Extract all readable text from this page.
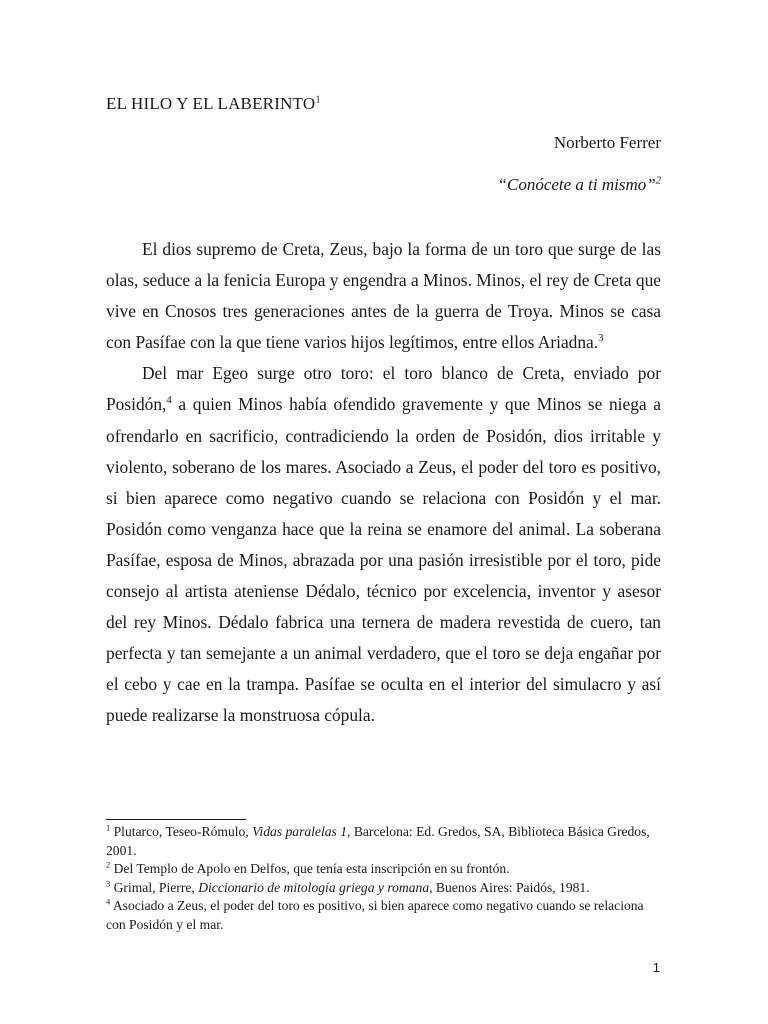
EL HILO Y EL LABERINTO$^1$
Norberto Ferrer
“Conócete a ti mismo”$^2$

El dios supremo de Creta, Zeus, bajo la forma de un toro que surge de las olas, seduce a la fenicia Europa y engendra a Minos. Minos, el rey de Creta que vive en Cnosos tres generaciones antes de la guerra de Troya. Minos se casa con Pasífae con la que tiene varios hijos legítimos, entre ellos Ariadna.$^3$

Del mar Egeo surge otro toro: el toro blanco de Creta, enviado por Posidón,$^4$ a quien Minos había ofendido gravemente y que Minos se niega a ofrendarlo en sacrificio, contradiciendo la orden de Posidón, dios irritable y violento, soberano de los mares. Asociado a Zeus, el poder del toro es positivo, si bien aparece como negativo cuando se relaciona con Posidón y el mar. Posidón como venganza hace que la reina se enamore del animal. La soberana Pasífae, esposa de Minos, abrazada por una pasión irresistible por el toro, pide consejo al artista ateniense Dédalo, técnico por excelencia, inventor y asesor del rey Minos. Dédalo fabrica una ternera de madera revestida de cuero, tan perfecta y tan semejante a un animal verdadero, que el toro se deja engañar por el cebo y cae en la trampa. Pasífae se oculta en el interior del simulacro y así puede realizarse la monstruosa cópula.

$^1$ Plutarco, Teseo-Rómulo, Vidas paralelas 1, Barcelona: Ed. Gredos, SA, Biblioteca Básica Gredos, 2001.

$^2$ Del Templo de Apolo en Delfos, que tenía esta inscripción en su frontón.

$^3$ Grimal, Pierre, Diccionario de mitología griega y romana, Buenos Aires: Paidós, 1981.

$^4$ Asociado a Zeus, el poder del toro es positivo, si bien aparece como negativo cuando se relaciona con Posidón y el mar.

1
